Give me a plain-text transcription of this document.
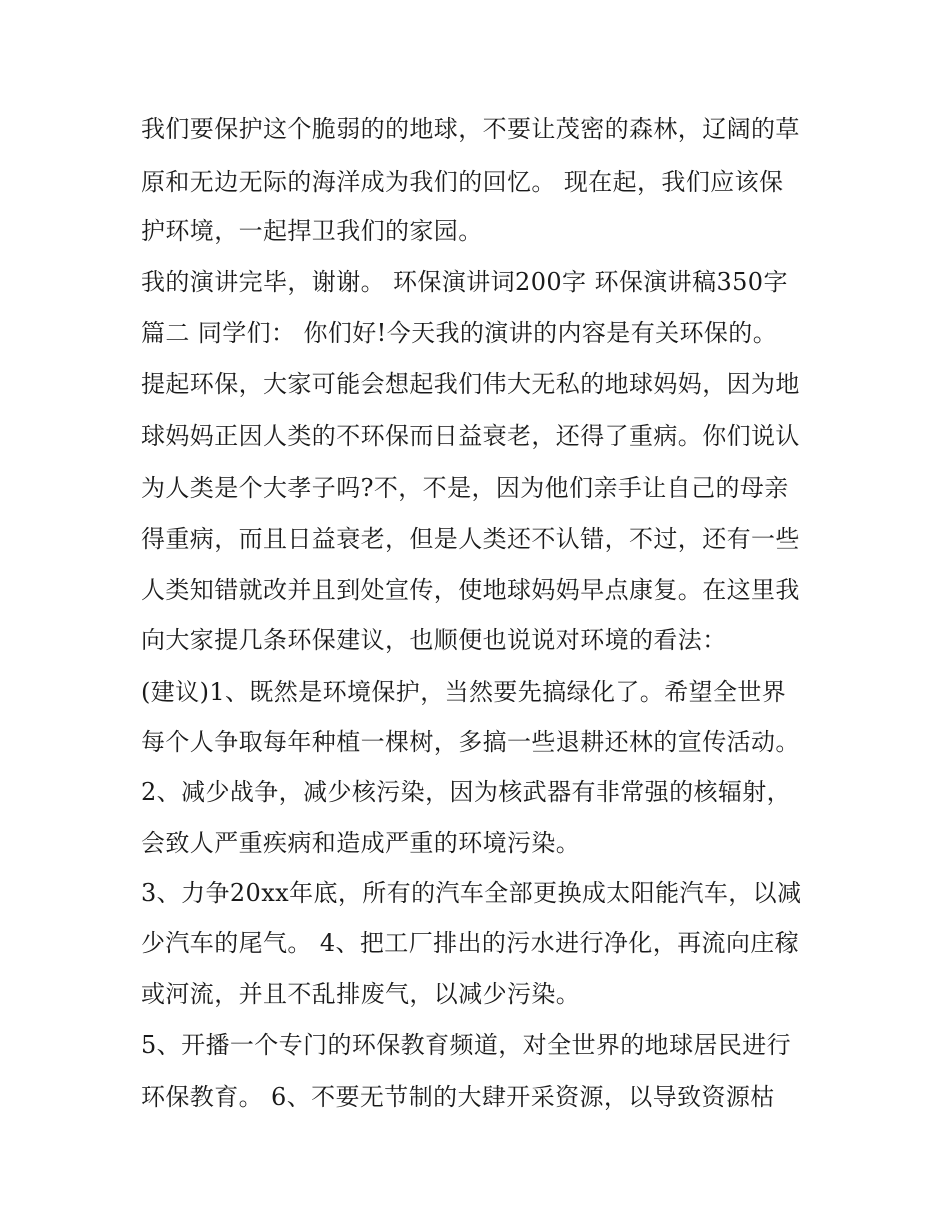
我们要保护这个脆弱的的地球，不要让茂密的森林，辽阔的草
原和无边无际的海洋成为我们的回忆。 现在起，我们应该保
护环境，一起捍卫我们的家园。
我的演讲完毕，谢谢。 环保演讲词200字 环保演讲稿350字
篇二 同学们： 你们好!今天我的演讲的内容是有关环保的。
提起环保，大家可能会想起我们伟大无私的地球妈妈，因为地
球妈妈正因人类的不环保而日益衰老，还得了重病。你们说认
为人类是个大孝子吗?不，不是，因为他们亲手让自己的母亲
得重病，而且日益衰老，但是人类还不认错，不过，还有一些
人类知错就改并且到处宣传，使地球妈妈早点康复。在这里我
向大家提几条环保建议，也顺便也说说对环境的看法：
(建议)1、既然是环境保护，当然要先搞绿化了。希望全世界
每个人争取每年种植一棵树，多搞一些退耕还林的宣传活动。
2、减少战争，减少核污染，因为核武器有非常强的核辐射，
会致人严重疾病和造成严重的环境污染。
3、力争20xx年底，所有的汽车全部更换成太阳能汽车，以减
少汽车的尾气。 4、把工厂排出的污水进行净化，再流向庄稼
或河流，并且不乱排废气，以减少污染。
5、开播一个专门的环保教育频道，对全世界的地球居民进行
环保教育。 6、不要无节制的大肆开采资源，以导致资源枯
